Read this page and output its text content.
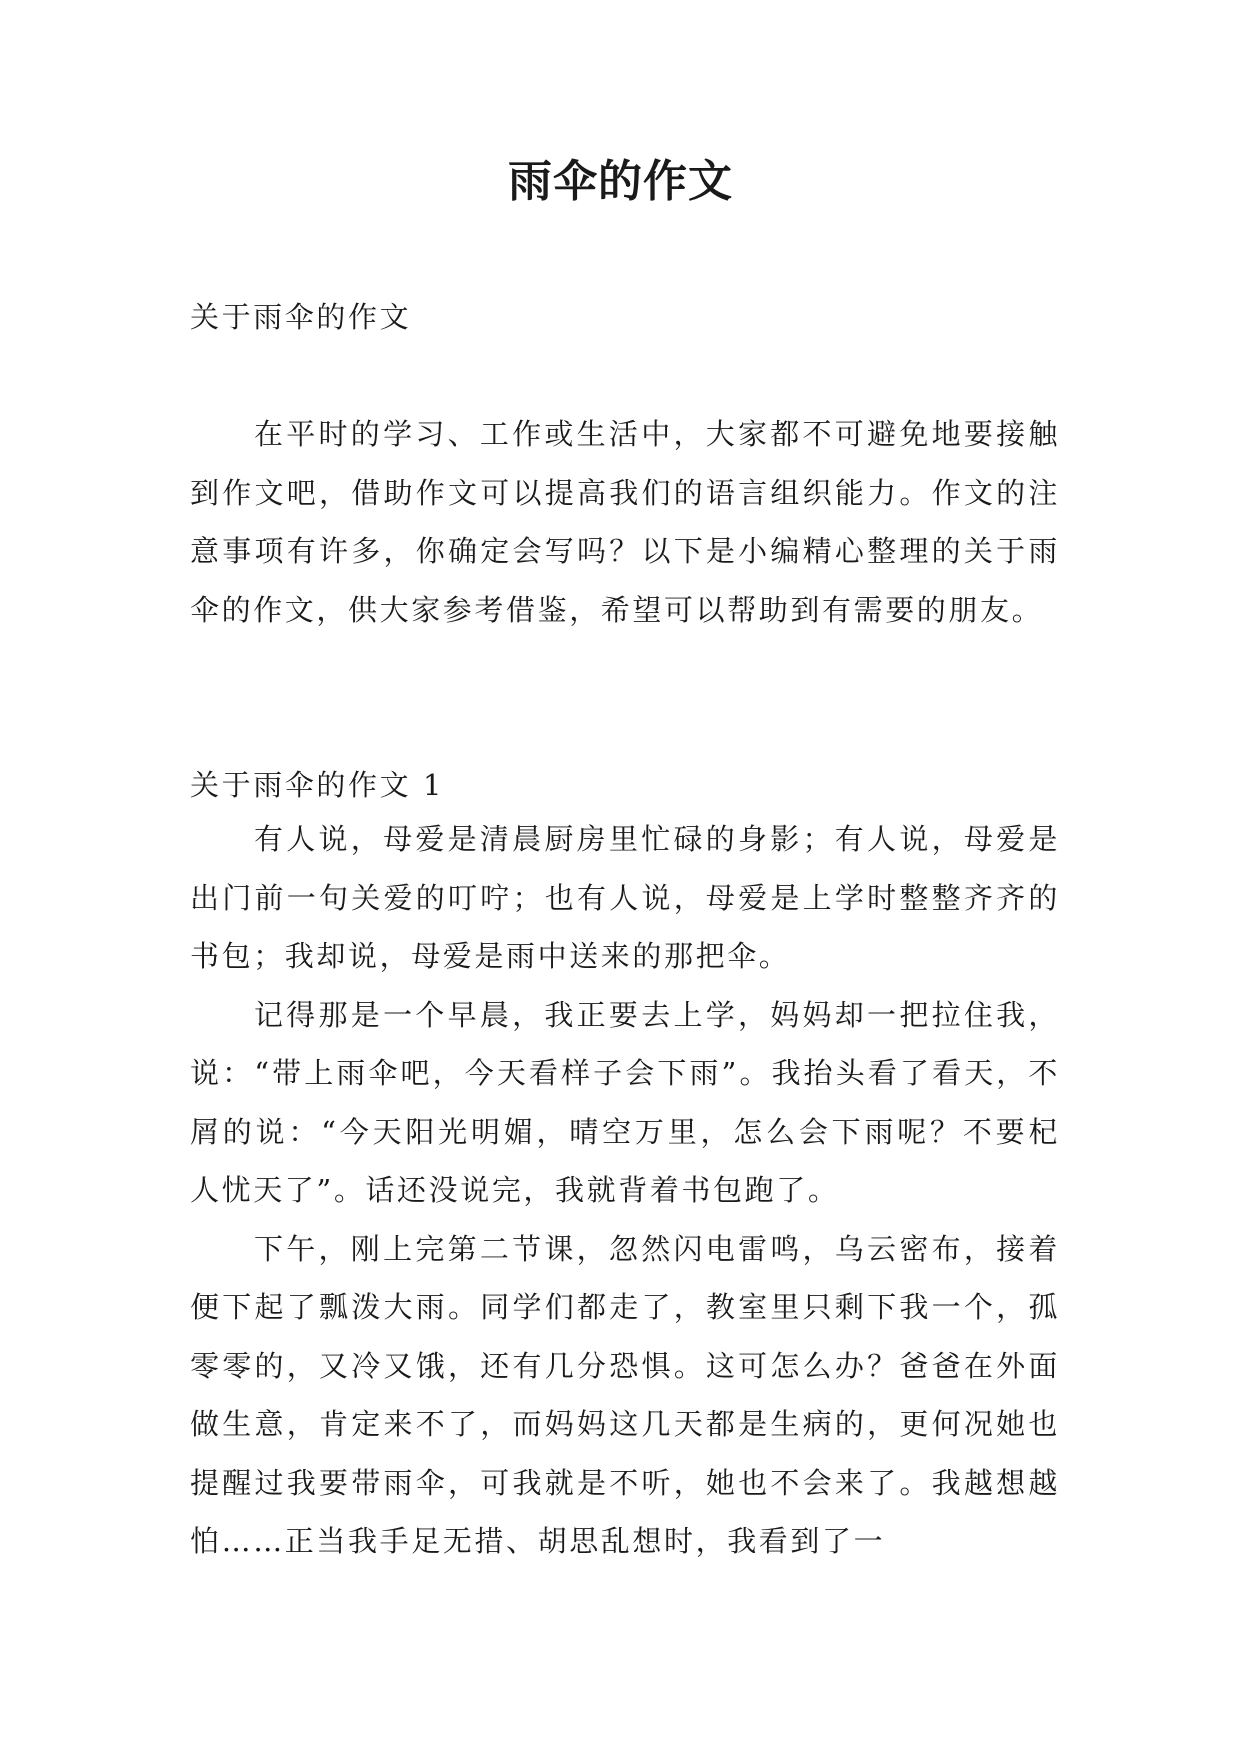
雨伞的作文

关于雨伞的作文

在平时的学习、工作或生活中，大家都不可避免地要接触到作文吧，借助作文可以提高我们的语言组织能力。作文的注意事项有许多，你确定会写吗？以下是小编精心整理的关于雨伞的作文，供大家参考借鉴，希望可以帮助到有需要的朋友。

关于雨伞的作文 1

有人说，母爱是清晨厨房里忙碌的身影；有人说，母爱是出门前一句关爱的叮咛；也有人说，母爱是上学时整整齐齐的书包；我却说，母爱是雨中送来的那把伞。

记得那是一个早晨，我正要去上学，妈妈却一把拉住我，说：“带上雨伞吧，今天看样子会下雨”。我抬头看了看天，不屑的说：“今天阳光明媚，晴空万里，怎么会下雨呢？不要杞人忧天了”。话还没说完，我就背着书包跑了。

下午，刚上完第二节课，忽然闪电雷鸣，乌云密布，接着便下起了瓢泼大雨。同学们都走了，教室里只剩下我一个，孤零零的，又冷又饿，还有几分恐惧。这可怎么办？爸爸在外面做生意，肯定来不了，而妈妈这几天都是生病的，更何况她也提醒过我要带雨伞，可我就是不听，她也不会来了。我越想越怕……正当我手足无措、胡思乱想时，我看到了一
